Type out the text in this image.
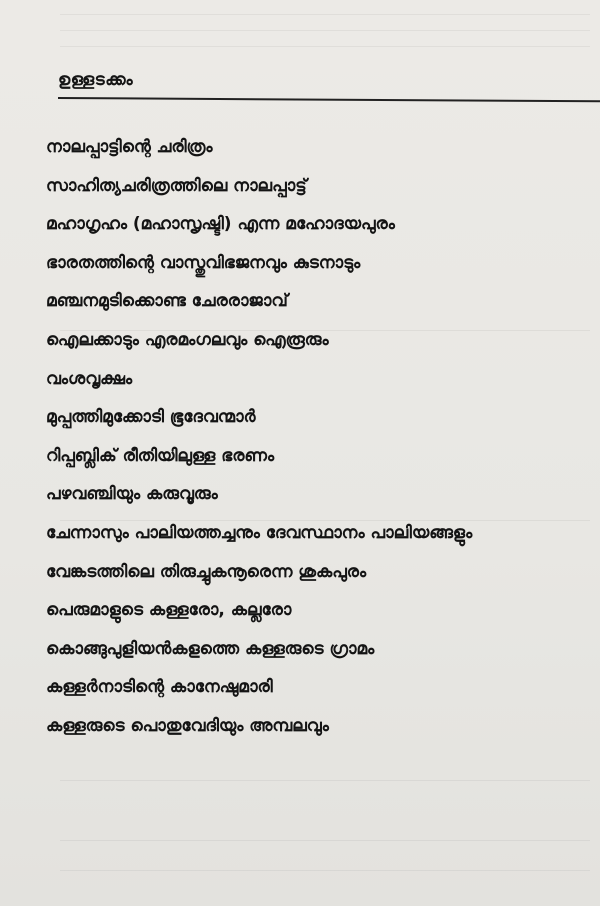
ഉള്ളടക്കം
നാലപ്പാട്ടിന്റെ ചരിത്രം
സാഹിത്യചരിത്രത്തിലെ നാലപ്പാട്ട്
മഹാഗൃഹം (മഹാസൃഷ്ടി) എന്ന മഹോദയപുരം
ഭാരതത്തിന്റെ വാസ്തുവിഭജനവും കുടനാടും
മഞ്ചനമുടിക്കൊണ്ട ചേരരാജാവ്
ഐലക്കാടും എരമംഗലവും ഐരൂരും
വംശവൃക്ഷം
മുപ്പത്തിമുക്കോടി ഭൂദേവന്മാർ
റിപ്പബ്ലിക് രീതിയിലുള്ള ഭരണം
പഴവഞ്ചിയും കരുവൂരും
ചേന്നാസും പാലിയത്തച്ചനും ദേവസ്ഥാനം പാലിയങ്ങളും
വേങ്കടത്തിലെ തിരുച്ചുകനൂരെന്ന ശുകപുരം
പെരുമാളുടെ കള്ളരോ, കല്ലരോ
കൊങ്ങുപുളിയൻകളത്തെ കള്ളരുടെ ഗ്രാമം
കള്ളർനാടിന്റെ കാനേഷുമാരി
കള്ളരുടെ പൊതുവേദിയും അമ്പലവും
